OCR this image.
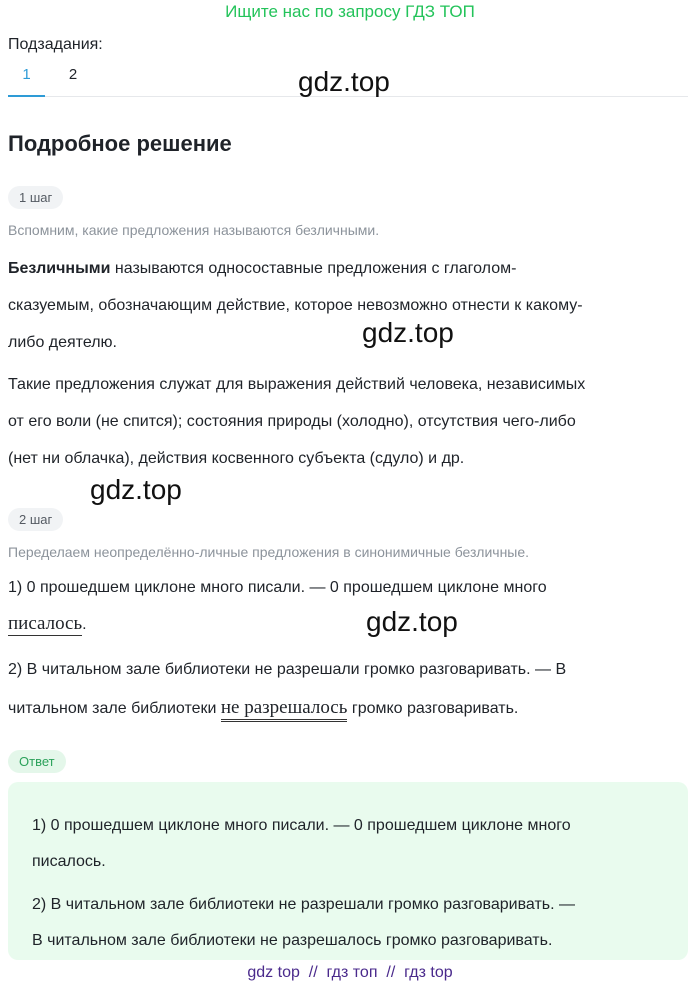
Ищите нас по запросу ГДЗ ТОП
Подзадания:
1	2	gdz.top
Подробное решение
1 шаг
Вспомним, какие предложения называются безличными.
Безличными называются односоставные предложения с глаголом-
сказуемым, обозначающим действие, которое невозможно отнести к какому-
либо деятелю.	gdz.top
Такие предложения служат для выражения действий человека, независимых
от его воли (не спится); состояния природы (холодно), отсутствия чего-либо
(нет ни облачка), действия косвенного субъекта (сдуло) и др.
gdz.top
2 шаг
Переделаем неопределённо-личные предложения в синонимичные безличные.
1) 0 прошедшем циклоне много писали. — 0 прошедшем циклоне много
писалось.	gdz.top
2) В читальном зале библиотеки не разрешали громко разговаривать. — В
читальном зале библиотеки не разрешалось громко разговаривать.
Ответ
1) 0 прошедшем циклоне много писали. — 0 прошедшем циклоне много
писалось.
2) В читальном зале библиотеки не разрешали громко разговаривать. —
В читальном зале библиотеки не разрешалось громко разговаривать.
gdz top  //  гдз топ  //  гдз top
